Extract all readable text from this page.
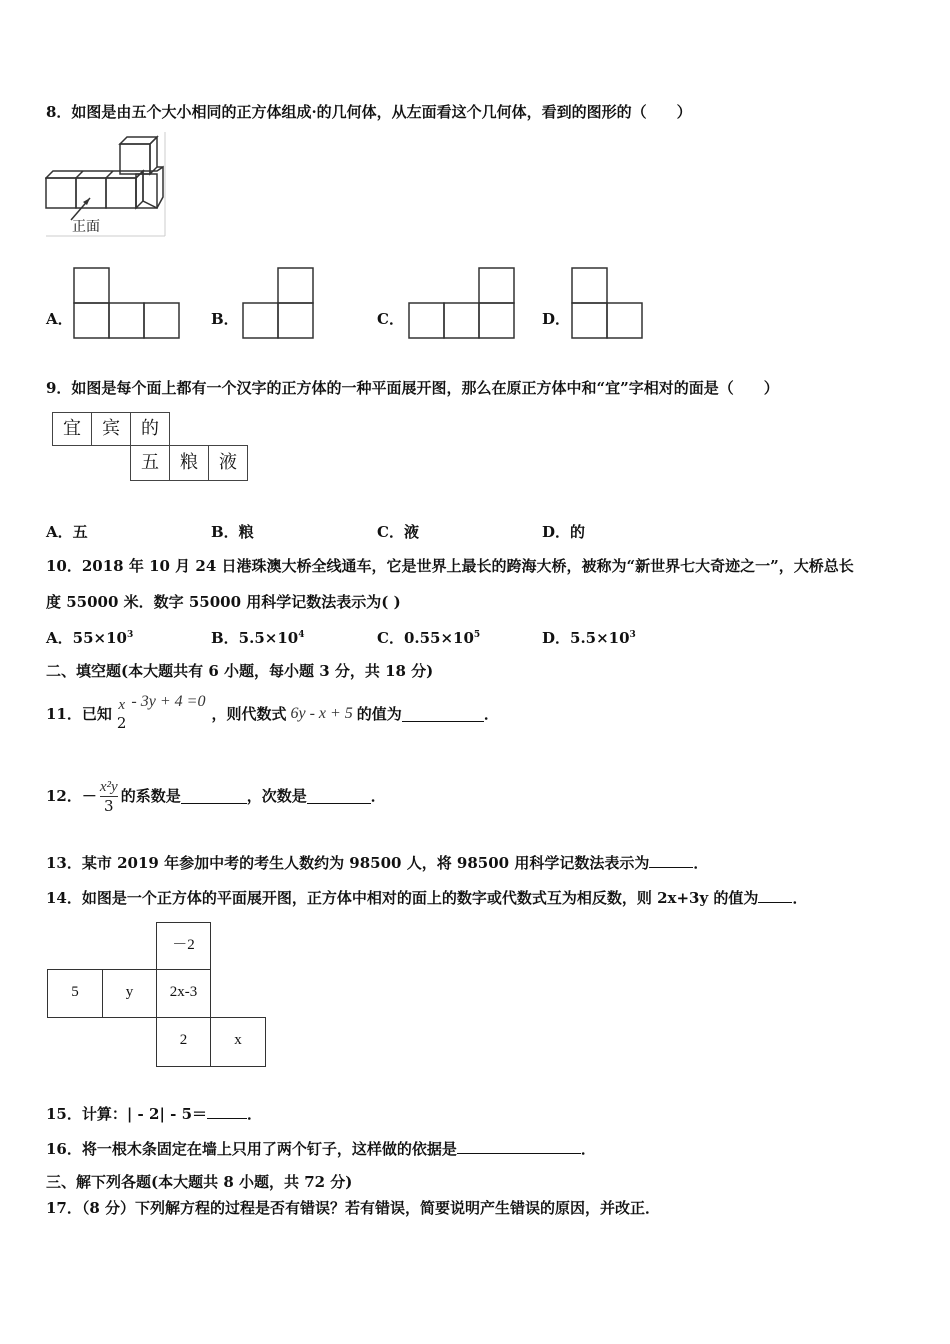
8．如图是由五个大小相同的正方体组成·的几何体，从左面看这个几何体，看到的图形的（　　）
正面
A．	B．	C．	D．
9．如图是每个面上都有一个汉字的正方体的一种平面展开图，那么在原正方体中和“宜”字相对的面是（　　）
宜	宾	的
五	粮	液
A．五	B．粮	C．液	D．的
10．2018 年 10 月 24 日港珠澳大桥全线通车，它是世界上最长的跨海大桥，被称为“新世界七大奇迹之一”，大桥总长
度 55000 米．数字 55000 用科学记数法表示为( )
A．$55\times 10^3$	B．$5.5\times 10^4$	C．$0.55\times 10^5$	D．$5.5\times 10^3$
二、填空题(本大题共有 6 小题，每小题 3 分，共 18 分)
11．已知 x
2
- 3y + 4 =0
，则代数式 6y - x + 5 的值为	．
12．－ $\frac{\text{x²y}}{3}$ 的系数是	，次数是	．
13．某市 2019 年参加中考的考生人数约为 98500 人，将 98500 用科学记数法表示为	．
14．如图是一个正方体的平面展开图，正方体中相对的面上的数字或代数式互为相反数，则 2x+3y 的值为 ．
－2
5	y	2x-3
2	x
15．计算：| - 2| - 5＝	．
16．将一根木条固定在墙上只用了两个钉子，这样做的依据是	．
三、解下列各题(本大题共 8 小题，共 72 分)
17．（8 分）下列解方程的过程是否有错误？若有错误，简要说明产生错误的原因，并改正．
